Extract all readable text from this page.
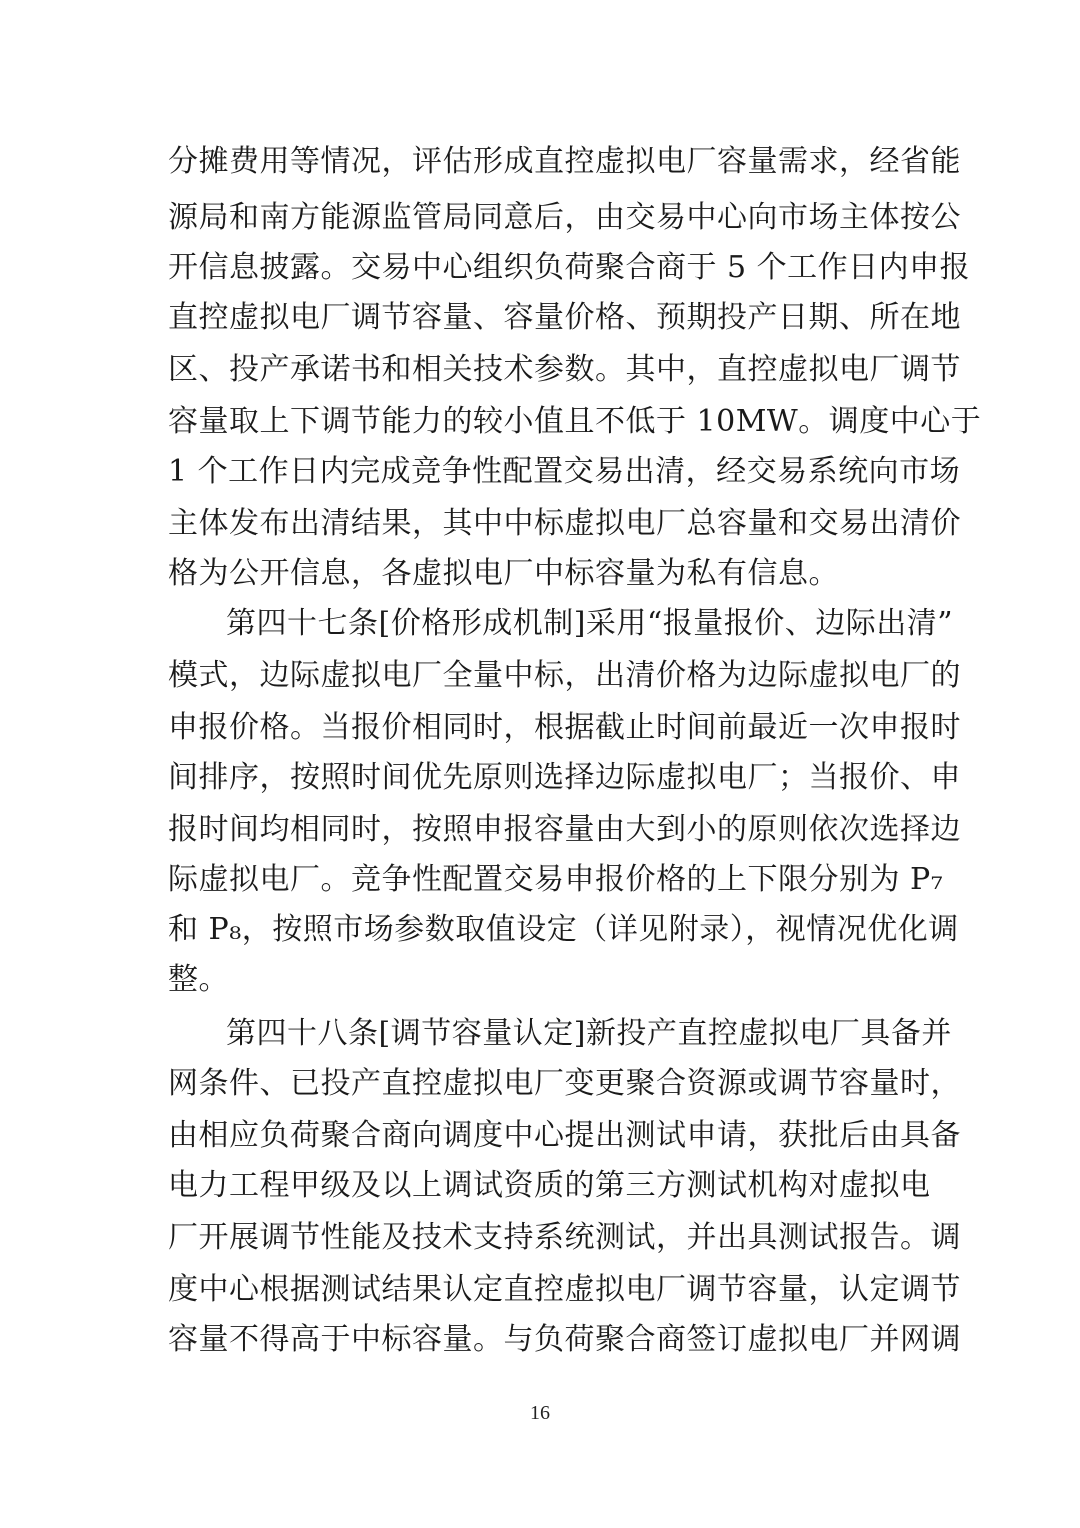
分摊费用等情况，评估形成直控虚拟电厂容量需求，经省能
源局和南方能源监管局同意后，由交易中心向市场主体按公
开信息披露。交易中心组织负荷聚合商于 5 个工作日内申报
直控虚拟电厂调节容量、容量价格、预期投产日期、所在地
区、投产承诺书和相关技术参数。其中，直控虚拟电厂调节
容量取上下调节能力的较小值且不低于 10MW。调度中心于
1 个工作日内完成竞争性配置交易出清，经交易系统向市场
主体发布出清结果，其中中标虚拟电厂总容量和交易出清价
格为公开信息，各虚拟电厂中标容量为私有信息。
第四十七条[价格形成机制]采用“报量报价、边际出清”
模式，边际虚拟电厂全量中标，出清价格为边际虚拟电厂的
申报价格。当报价相同时，根据截止时间前最近一次申报时
间排序，按照时间优先原则选择边际虚拟电厂；当报价、申
报时间均相同时，按照申报容量由大到小的原则依次选择边
际虚拟电厂。竞争性配置交易申报价格的上下限分别为 P₇
和 P₈，按照市场参数取值设定（详见附录），视情况优化调
整。
第四十八条[调节容量认定]新投产直控虚拟电厂具备并
网条件、已投产直控虚拟电厂变更聚合资源或调节容量时，
由相应负荷聚合商向调度中心提出测试申请，获批后由具备
电力工程甲级及以上调试资质的第三方测试机构对虚拟电
厂开展调节性能及技术支持系统测试，并出具测试报告。调
度中心根据测试结果认定直控虚拟电厂调节容量，认定调节
容量不得高于中标容量。与负荷聚合商签订虚拟电厂并网调
16
